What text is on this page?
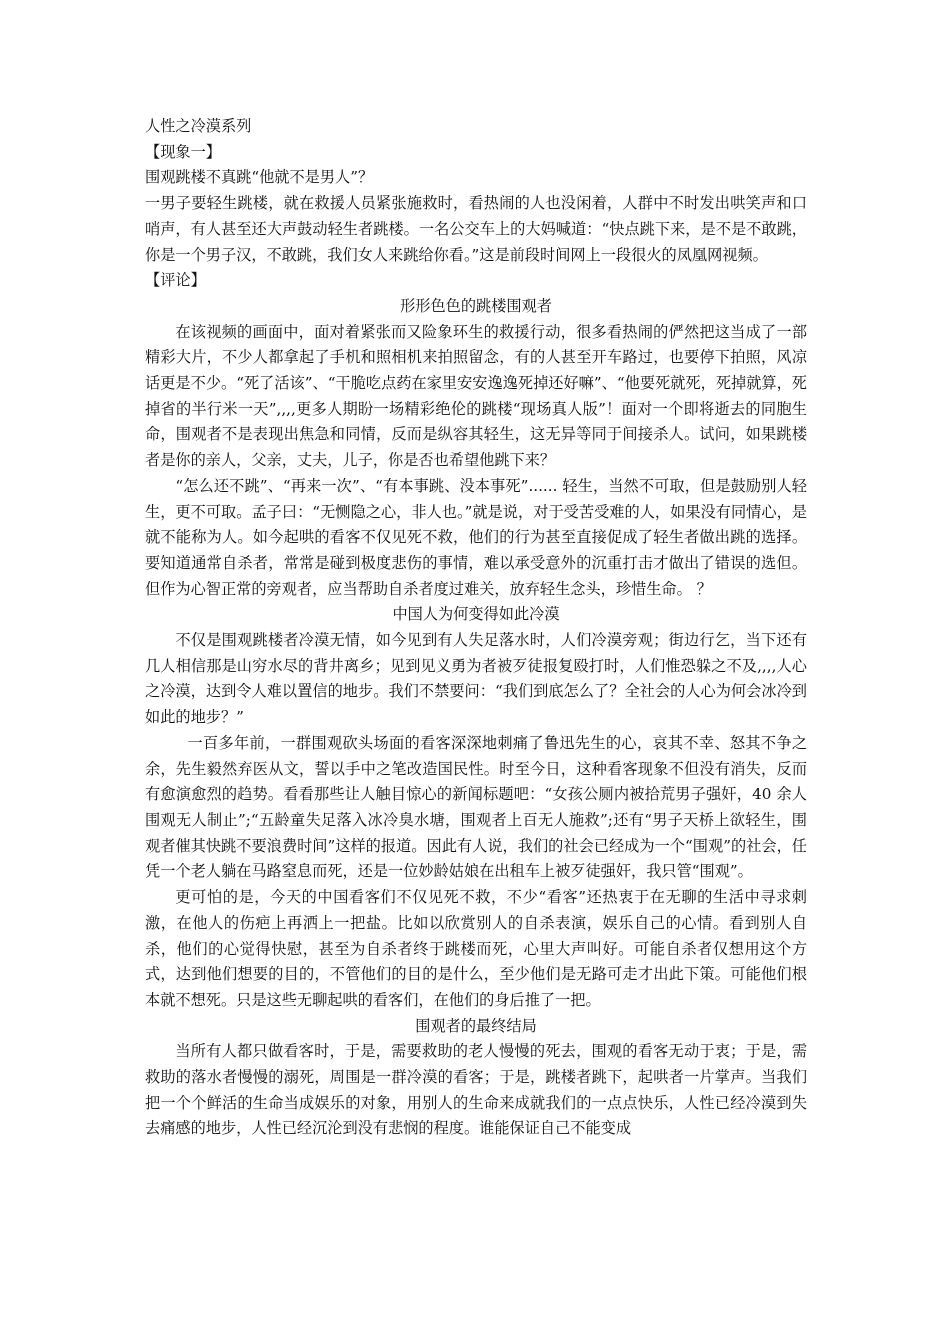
人性之冷漠系列

【现象一】

围观跳楼不真跳“他就不是男人”？

一男子要轻生跳楼，就在救援人员紧张施救时，看热闹的人也没闲着，人群中不时发出哄笑声和口哨声，有人甚至还大声鼓动轻生者跳楼。一名公交车上的大妈喊道：“快点跳下来，是不是不敢跳，你是一个男子汉，不敢跳，我们女人来跳给你看。”这是前段时间网上一段很火的凤凰网视频。

【评论】

形形色色的跳楼围观者

在该视频的画面中，面对着紧张而又险象环生的救援行动，很多看热闹的俨然把这当成了一部精彩大片，不少人都拿起了手机和照相机来拍照留念，有的人甚至开车路过，也要停下拍照，风凉话更是不少。“死了活该”、“干脆吃点药在家里安安逸逸死掉还好嘛”、“他要死就死，死掉就算，死掉省的半行米一天”,,,,更多人期盼一场精彩绝伦的跳楼“现场真人版”！面对一个即将逝去的同胞生命，围观者不是表现出焦急和同情，反而是纵容其轻生，这无异等同于间接杀人。试问，如果跳楼者是你的亲人，父亲，丈夫，儿子，你是否也希望他跳下来？

“怎么还不跳”、“再来一次”、“有本事跳、没本事死”...... 轻生，当然不可取，但是鼓励别人轻生，更不可取。孟子曰：“无恻隐之心，非人也。”就是说，对于受苦受难的人，如果没有同情心，是就不能称为人。如今起哄的看客不仅见死不救，他们的行为甚至直接促成了轻生者做出跳的选择。要知道通常自杀者，常常是碰到极度悲伤的事情，难以承受意外的沉重打击才做出了错误的选但。但作为心智正常的旁观者，应当帮助自杀者度过难关，放弃轻生念头，珍惜生命。 ？

中国人为何变得如此冷漠

不仅是围观跳楼者冷漠无情，如今见到有人失足落水时，人们冷漠旁观；街边行乞，当下还有几人相信那是山穷水尽的背井离乡；见到见义勇为者被歹徒报复殴打时，人们惟恐躲之不及,,,,人心之冷漠，达到令人难以置信的地步。我们不禁要问：“我们到底怎么了？全社会的人心为何会冰冷到如此的地步？”

一百多年前，一群围观砍头场面的看客深深地刺痛了鲁迅先生的心，哀其不幸、怒其不争之余，先生毅然弃医从文，誓以手中之笔改造国民性。时至今日，这种看客现象不但没有消失，反而有愈演愈烈的趋势。看看那些让人触目惊心的新闻标题吧：“女孩公厕内被拾荒男子强奸，40 余人围观无人制止”;“五龄童失足落入冰冷臭水塘，围观者上百无人施救”;还有“男子天桥上欲轻生，围观者催其快跳不要浪费时间”这样的报道。因此有人说，我们的社会已经成为一个“围观”的社会，任凭一个老人躺在马路窒息而死，还是一位妙龄姑娘在出租车上被歹徒强奸，我只管“围观”。

更可怕的是，今天的中国看客们不仅见死不救，不少“看客”还热衷于在无聊的生活中寻求刺激，在他人的伤疤上再洒上一把盐。比如以欣赏别人的自杀表演，娱乐自己的心情。看到别人自杀，他们的心觉得快慰，甚至为自杀者终于跳楼而死，心里大声叫好。可能自杀者仅想用这个方式，达到他们想要的目的，不管他们的目的是什么，至少他们是无路可走才出此下策。可能他们根本就不想死。只是这些无聊起哄的看客们，在他们的身后推了一把。

围观者的最终结局

当所有人都只做看客时，于是，需要救助的老人慢慢的死去，围观的看客无动于衷；于是，需救助的落水者慢慢的溺死，周围是一群冷漠的看客；于是，跳楼者跳下，起哄者一片掌声。当我们把一个个鲜活的生命当成娱乐的对象，用别人的生命来成就我们的一点点快乐，人性已经冷漠到失去痛感的地步，人性已经沉沦到没有悲悯的程度。谁能保证自己不能变成
